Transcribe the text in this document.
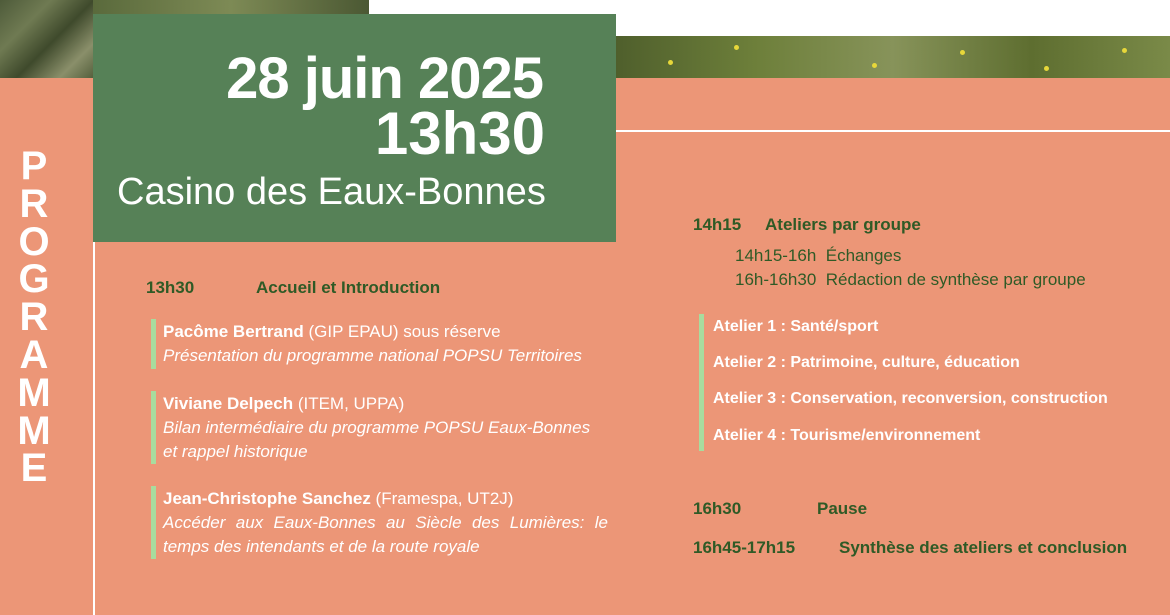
28 juin 2025
13h30
Casino des Eaux-Bonnes
P
R
O
G
R
A
M
M
E
13h30	Accueil et Introduction
Pacôme Bertrand (GIP EPAU) sous réserve
Présentation du programme national POPSU Territoires
Viviane Delpech (ITEM, UPPA)
Bilan intermédiaire du programme POPSU Eaux-Bonnes et rappel historique
Jean-Christophe Sanchez (Framespa, UT2J)
Accéder aux Eaux-Bonnes au Siècle des Lumières: le temps des intendants et de la route royale
14h15 Ateliers par groupe
14h15-16h Échanges
16h-16h30 Rédaction de synthèse par groupe
Atelier 1 : Santé/sport
Atelier 2 : Patrimoine, culture, éducation
Atelier 3 : Conservation, reconversion, construction
Atelier 4 : Tourisme/environnement
16h30	Pause
16h45-17h15	Synthèse des ateliers et conclusion
